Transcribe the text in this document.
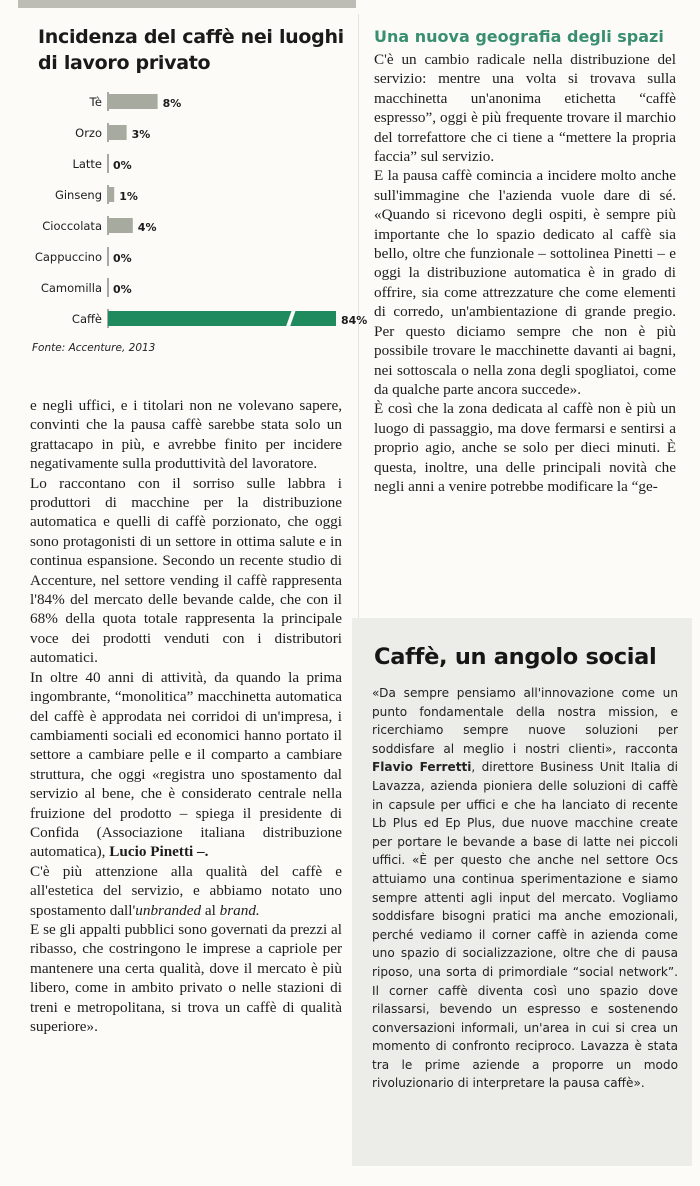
Incidenza del caffè nei luoghi di lavoro privato
Tè	8%
Orzo	3%
Latte 0%
Ginseng 1%
Cioccolata	4%
Cappuccino 0%
Camomilla 0%
Caffè	84%
Fonte: Accenture, 2013

e negli uffici, e i titolari non ne volevano sapere, convinti che la pausa caffè sarebbe stata solo un grattacapo in più, e avrebbe finito per incidere negativamente sulla produttività del lavoratore.

Lo raccontano con il sorriso sulle labbra i produttori di macchine per la distribuzione automatica e quelli di caffè porzionato, che oggi sono protagonisti di un settore in ottima salute e in continua espansione. Secondo un recente studio di Accenture, nel settore vending il caffè rappresenta l'84% del mercato delle bevande calde, che con il 68% della quota totale rappresenta la principale voce dei prodotti venduti con i distributori automatici.

In oltre 40 anni di attività, da quando la prima ingombrante, “monolitica” macchinetta automatica del caffè è approdata nei corridoi di un'impresa, i cambiamenti sociali ed economici hanno portato il settore a cambiare pelle e il comparto a cambiare struttura, che oggi «registra uno spostamento dal servizio al bene, che è considerato centrale nella fruizione del prodotto – spiega il presidente di Confida (Associazione italiana distribuzione automatica), Lucio Pinetti –.

C'è più attenzione alla qualità del caffè e all'estetica del servizio, e abbiamo notato uno spostamento dall'unbranded al brand.

E se gli appalti pubblici sono governati da prezzi al ribasso, che costringono le imprese a capriole per mantenere una certa qualità, dove il mercato è più libero, come in ambito privato o nelle stazioni di treni e metropolitana, si trova un caffè di qualità superiore».

Una nuova geografia degli spazi

C'è un cambio radicale nella distribuzione del servizio: mentre una volta si trovava sulla macchinetta un'anonima etichetta “caffè espresso”, oggi è più frequente trovare il marchio del torrefattore che ci tiene a “mettere la propria faccia” sul servizio.

E la pausa caffè comincia a incidere molto anche sull'immagine che l'azienda vuole dare di sé. «Quando si ricevono degli ospiti, è sempre più importante che lo spazio dedicato al caffè sia bello, oltre che funzionale – sottolinea Pinetti – e oggi la distribuzione automatica è in grado di offrire, sia come attrezzature che come elementi di corredo, un'ambientazione di grande pregio. Per questo diciamo sempre che non è più possibile trovare le macchinette davanti ai bagni, nei sottoscala o nella zona degli spogliatoi, come da qualche parte ancora succede».

È così che la zona dedicata al caffè non è più un luogo di passaggio, ma dove fermarsi e sentirsi a proprio agio, anche se solo per dieci minuti. È questa, inoltre, una delle principali novità che negli anni a venire potrebbe modificare la “ge-

Caffè, un angolo social
«Da sempre pensiamo all'innovazione come un punto fondamentale della nostra mission, e ricerchiamo sempre nuove soluzioni per soddisfare al meglio i nostri clienti», racconta Flavio Ferretti, direttore Business Unit Italia di Lavazza, azienda pioniera delle soluzioni di caffè in capsule per uffici e che ha lanciato di recente Lb Plus ed Ep Plus, due nuove macchine create per portare le bevande a base di latte nei piccoli uffici. «È per questo che anche nel settore Ocs attuiamo una continua sperimentazione e siamo sempre attenti agli input del mercato. Vogliamo soddisfare bisogni pratici ma anche emozionali, perché vediamo il corner caffè in azienda come uno spazio di socializzazione, oltre che di pausa riposo, una sorta di primordiale “social network”. Il corner caffè diventa così uno spazio dove rilassarsi, bevendo un espresso e sostenendo conversazioni informali, un'area in cui si crea un momento di confronto reciproco. Lavazza è stata tra le prime aziende a proporre un modo rivoluzionario di interpretare la pausa caffè».
